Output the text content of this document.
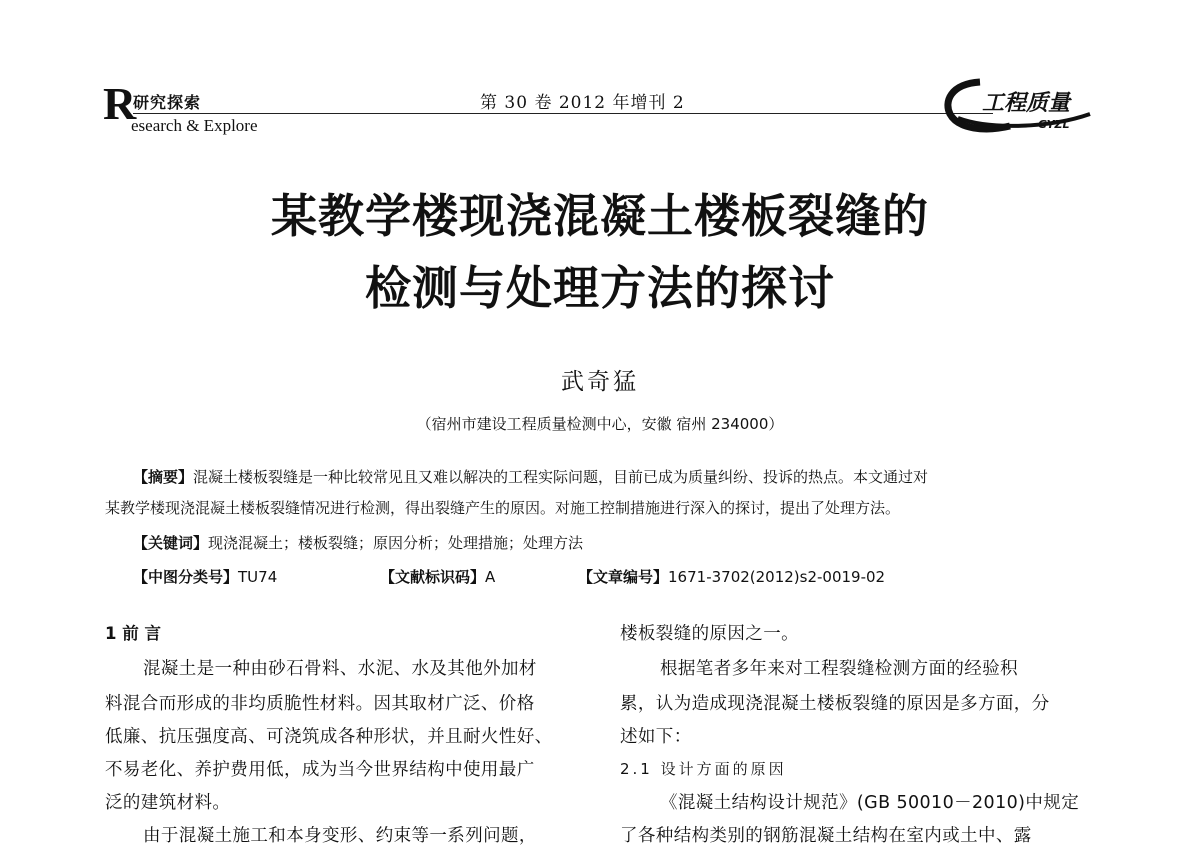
R
研究探索
esearch & Explore
第 30 卷 2012 年增刊 2	工程质量
GYZL
某教学楼现浇混凝土楼板裂缝的
检测与处理方法的探讨
武奇猛
（宿州市建设工程质量检测中心，安徽 宿州 234000）
【摘要】混凝土楼板裂缝是一种比较常见且又难以解决的工程实际问题，目前已成为质量纠纷、投诉的热点。本文通过对
某教学楼现浇混凝土楼板裂缝情况进行检测，得出裂缝产生的原因。对施工控制措施进行深入的探讨，提出了处理方法。
【关键词】现浇混凝土；楼板裂缝；原因分析；处理措施；处理方法
【中图分类号】TU74	【文献标识码】A	【文章编号】1671-3702(2012)s2-0019-02
1 前 言
混凝土是一种由砂石骨料、水泥、水及其他外加材
料混合而形成的非均质脆性材料。因其取材广泛、价格
低廉、抗压强度高、可浇筑成各种形状，并且耐火性好、
不易老化、养护费用低，成为当今世界结构中使用最广
泛的建筑材料。
由于混凝土施工和本身变形、约束等一系列问题，
楼板裂缝的原因之一。
根据笔者多年来对工程裂缝检测方面的经验积
累，认为造成现浇混凝土楼板裂缝的原因是多方面，分
述如下：
2.1 设计方面的原因
《混凝土结构设计规范》(GB 50010－2010)中规定
了各种结构类别的钢筋混凝土结构在室内或土中、露
